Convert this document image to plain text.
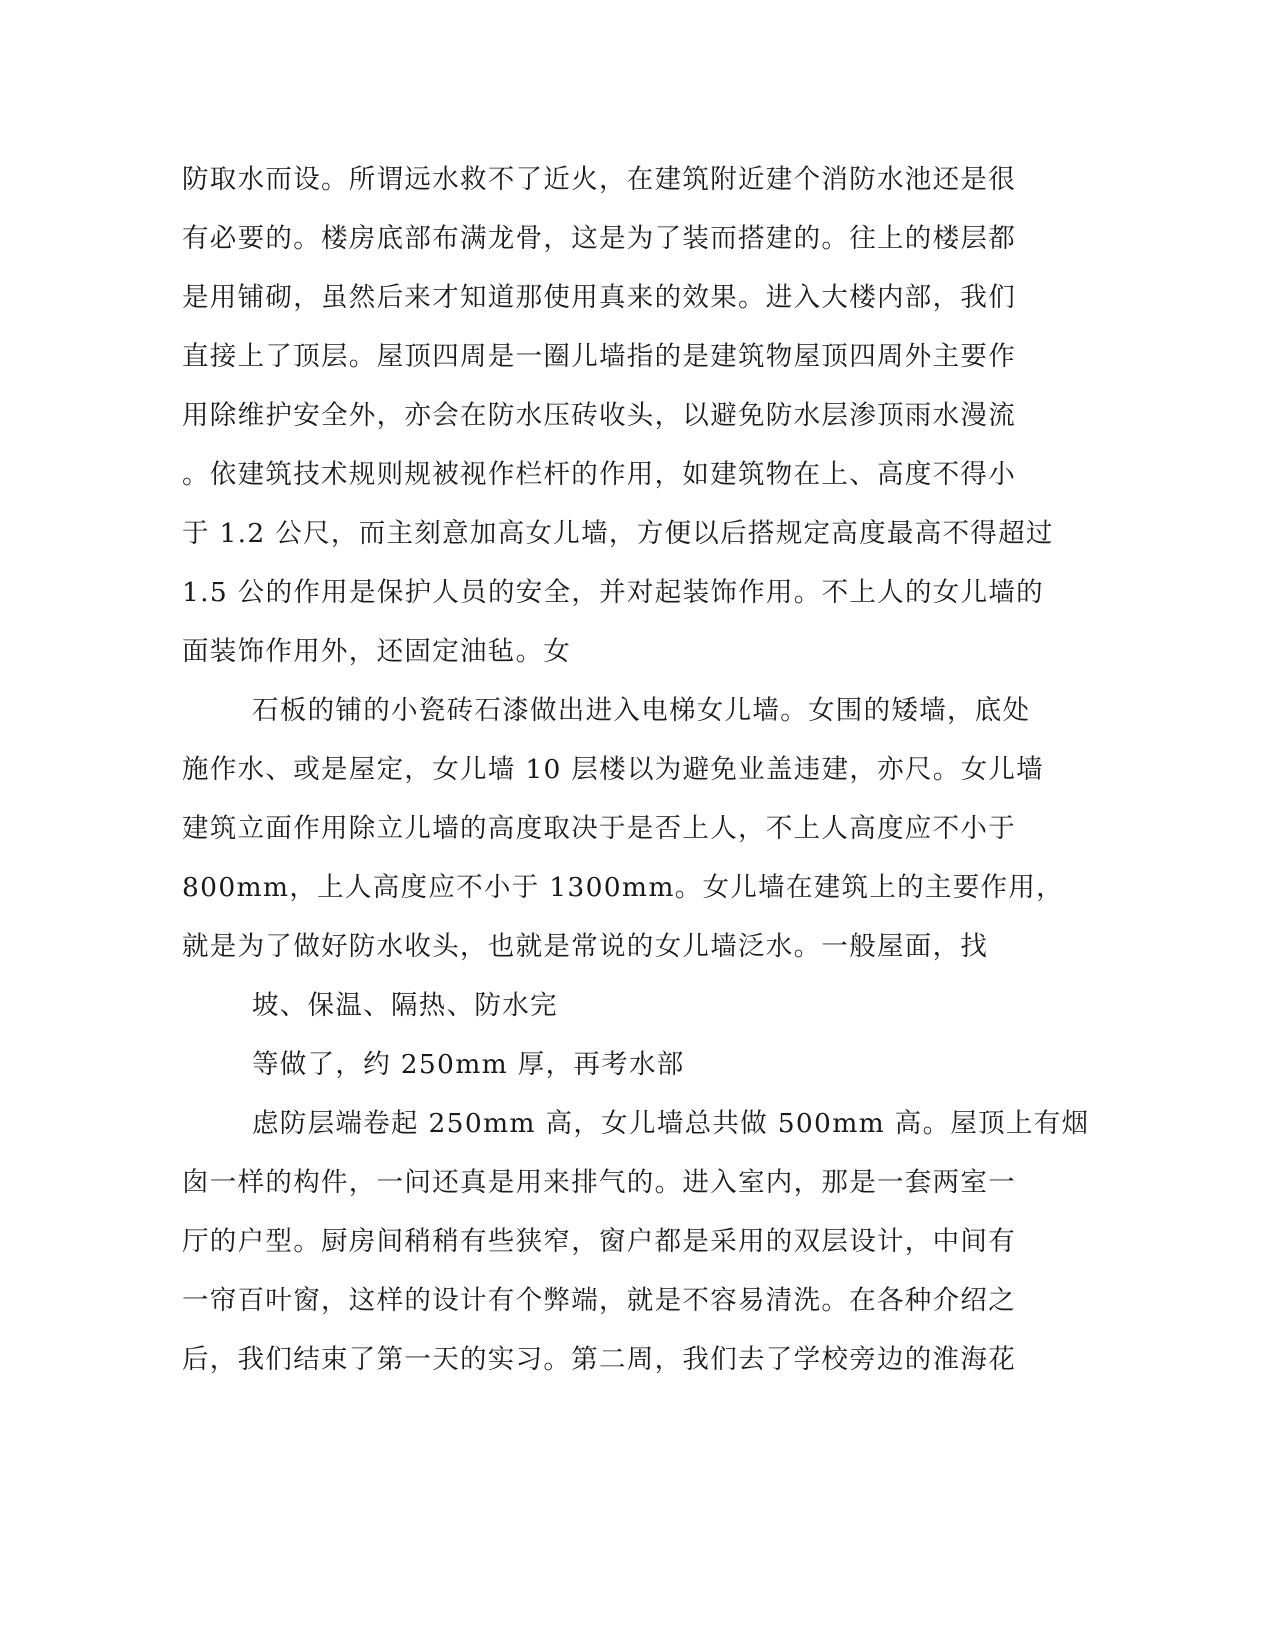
防取水而设。所谓远水救不了近火，在建筑附近建个消防水池还是很
有必要的。楼房底部布满龙骨，这是为了装而搭建的。往上的楼层都
是用铺砌，虽然后来才知道那使用真来的效果。进入大楼内部，我们
直接上了顶层。屋顶四周是一圈儿墙指的是建筑物屋顶四周外主要作
用除维护安全外，亦会在防水压砖收头，以避免防水层渗顶雨水漫流
。依建筑技术规则规被视作栏杆的作用，如建筑物在上、高度不得小
于 1.2 公尺，而主刻意加高女儿墙，方便以后搭规定高度最高不得超过
1.5 公的作用是保护人员的安全，并对起装饰作用。不上人的女儿墙的
面装饰作用外，还固定油毡。女
石板的铺的小瓷砖石漆做出进入电梯女儿墙。女围的矮墙，底处
施作水、或是屋定，女儿墙 10 层楼以为避免业盖违建，亦尺。女儿墙
建筑立面作用除立儿墙的高度取决于是否上人，不上人高度应不小于
800mm，上人高度应不小于 1300mm。女儿墙在建筑上的主要作用，
就是为了做好防水收头，也就是常说的女儿墙泛水。一般屋面，找
坡、保温、隔热、防水完
等做了，约 250mm 厚，再考水部
虑防层端卷起 250mm 高，女儿墙总共做 500mm 高。屋顶上有烟
囱一样的构件，一问还真是用来排气的。进入室内，那是一套两室一
厅的户型。厨房间稍稍有些狭窄，窗户都是采用的双层设计，中间有
一帘百叶窗，这样的设计有个弊端，就是不容易清洗。在各种介绍之
后，我们结束了第一天的实习。第二周，我们去了学校旁边的淮海花
